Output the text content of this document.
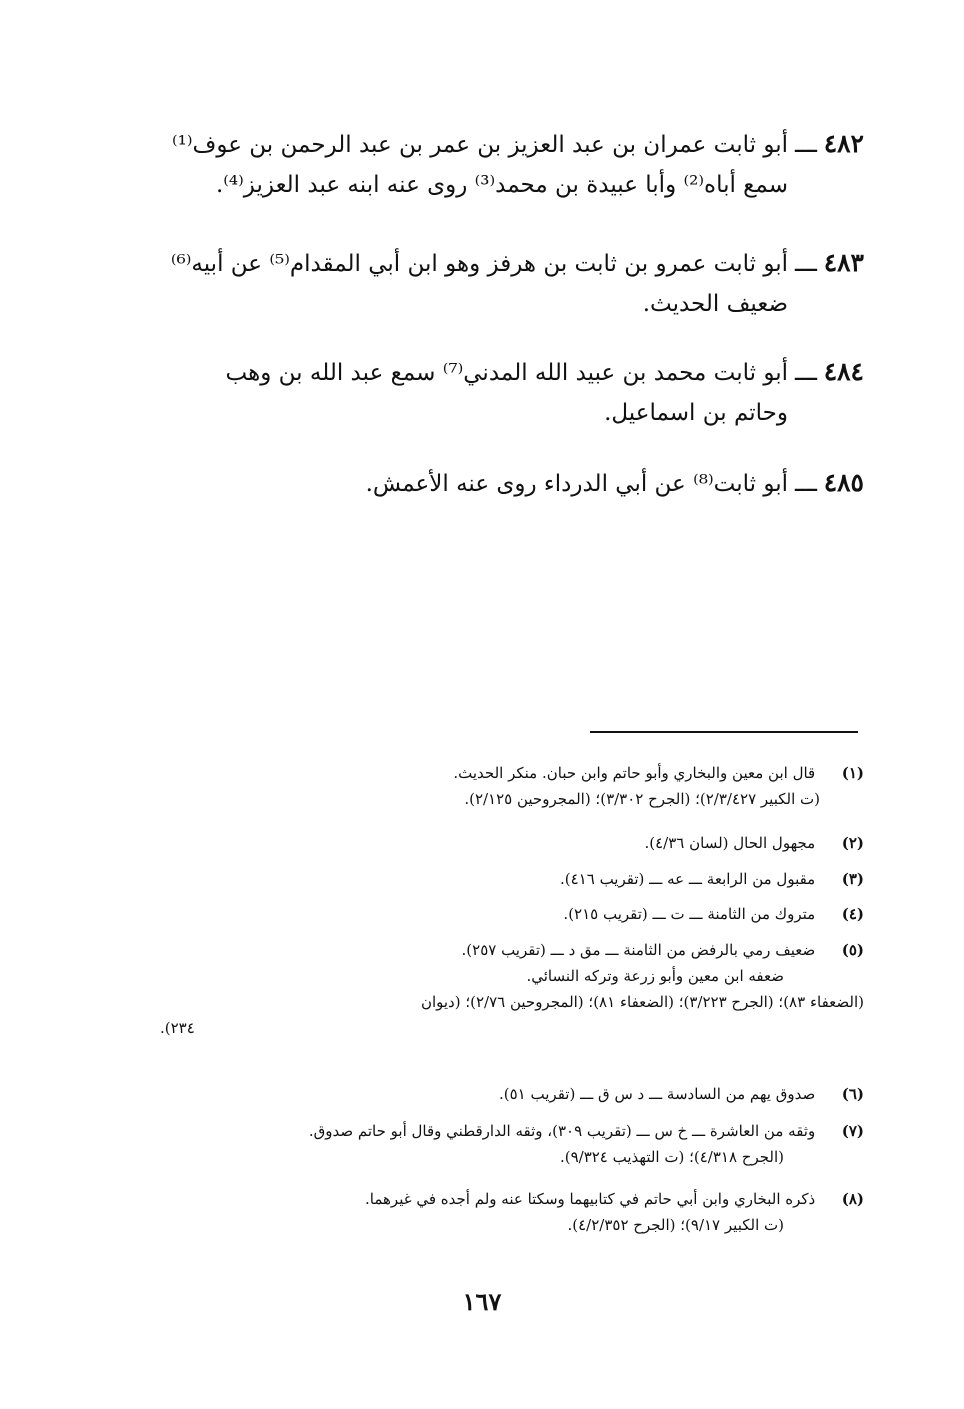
٤٨٢
ـــ
أبو ثابت عمران بن عبد العزيز بن عمر بن عبد الرحمن بن عوف⁽¹⁾
سمع أباه⁽²⁾ وأبا عبيدة بن محمد⁽³⁾ روى عنه ابنه عبد العزيز⁽⁴⁾.
٤٨٣
ـــ
أبو ثابت عمرو بن ثابت بن هرفز وهو ابن أبي المقدام⁽⁵⁾ عن أبيه⁽⁶⁾
ضعيف الحديث.
٤٨٤
ـــ
أبو ثابت محمد بن عبيد الله المدني⁽⁷⁾ سمع عبد الله بن وهب
وحاتم بن اسماعيل.
٤٨٥
ـــ
أبو ثابت⁽⁸⁾ عن أبي الدرداء روى عنه الأعمش.
(١) قال ابن معين والبخاري وأبو حاتم وابن حبان. منكر الحديث.
(ت الكبير ٢/٣/٤٢٧)؛ (الجرح ٣/٣٠٢)؛ (المجروحين ٢/١٢٥).
(٢) مجهول الحال (لسان ٤/٣٦).
(٣) مقبول من الرابعة ـــ عه ـــ (تقريب ٤١٦).
(٤) متروك من الثامنة ـــ ت ـــ (تقريب ٢١٥).
(٥) ضعيف رمي بالرفض من الثامنة ـــ مق د ـــ (تقريب ٢٥٧).
ضعفه ابن معين وأبو زرعة وتركه النسائي.
(الضعفاء ٨٣)؛ (الجرح ٣/٢٢٣)؛ (الضعفاء ٨١)؛ (المجروحين ٢/٧٦)؛ (ديوان
٢٣٤).
(٦) صدوق يهم من السادسة ـــ د س ق ـــ (تقريب ٥١).
(٧) وثقه من العاشرة ـــ خ س ـــ (تقريب ٣٠٩)، وثقه الدارقطني وقال أبو حاتم صدوق.
(الجرح ٤/٣١٨)؛ (ت التهذيب ٩/٣٢٤).
(٨) ذكره البخاري وابن أبي حاتم في كتابيهما وسكتا عنه ولم أجده في غيرهما.
(ت الكبير ٩/١٧)؛ (الجرح ٤/٢/٣٥٢).
١٦٧
